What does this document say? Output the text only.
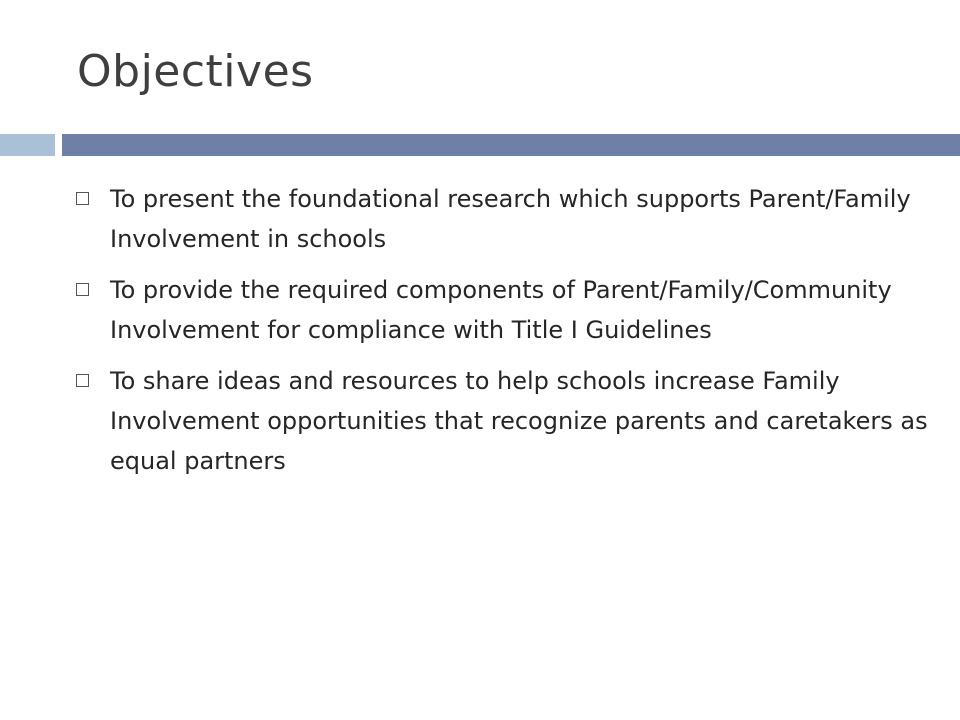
Objectives
To present the foundational research which supports Parent/Family Involvement in schools
To provide the required components of Parent/Family/Community Involvement for compliance with Title I Guidelines
To share ideas and resources to help schools increase Family Involvement opportunities that recognize parents and caretakers as equal partners
